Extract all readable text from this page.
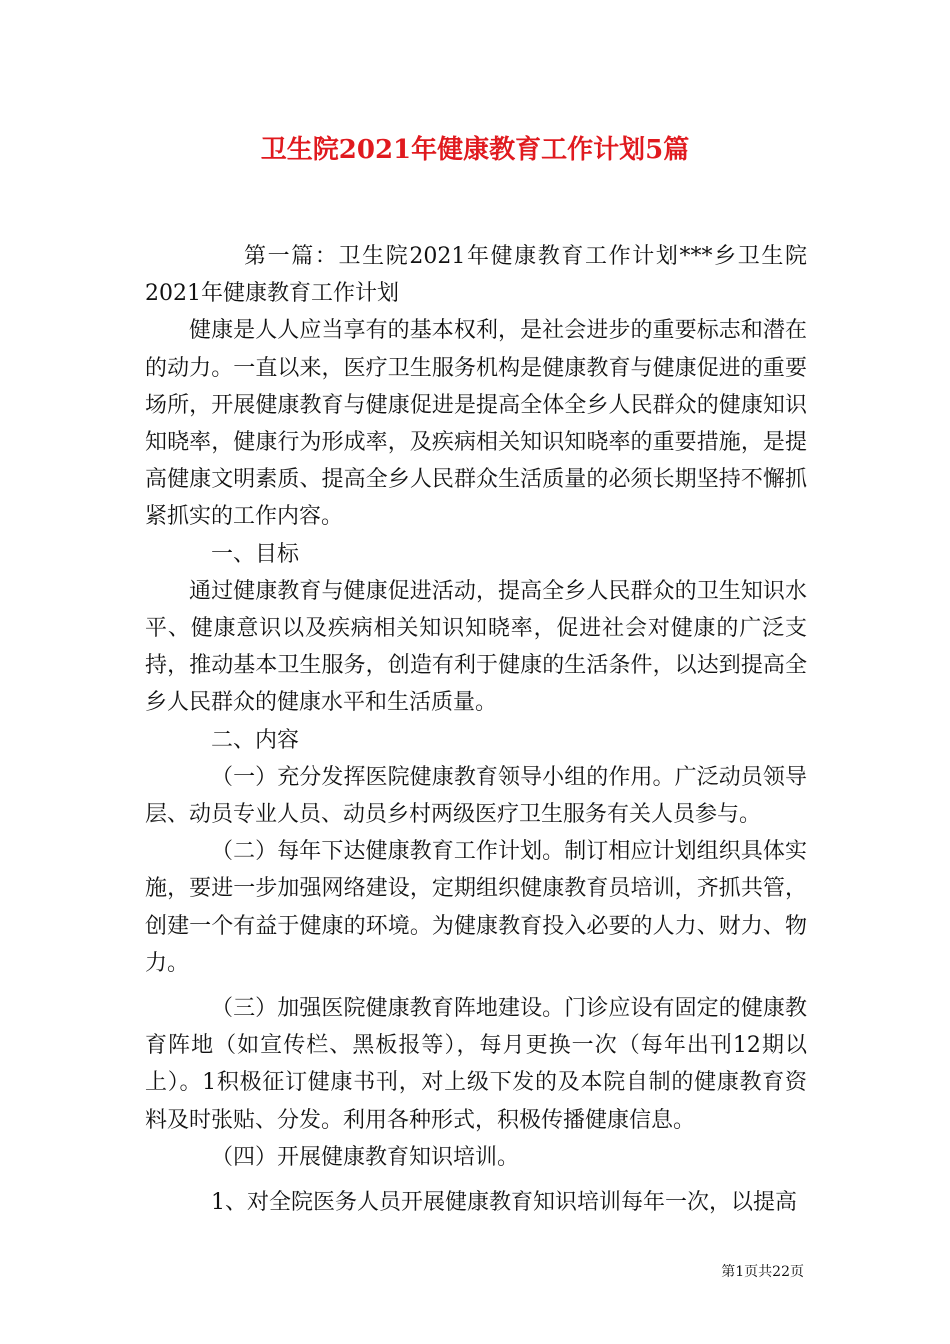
卫生院2021年健康教育工作计划5篇

第一篇：卫生院2021年健康教育工作计划***乡卫生院2021年健康教育工作计划

健康是人人应当享有的基本权利，是社会进步的重要标志和潜在的动力。一直以来，医疗卫生服务机构是健康教育与健康促进的重要场所，开展健康教育与健康促进是提高全体全乡人民群众的健康知识知晓率，健康行为形成率，及疾病相关知识知晓率的重要措施，是提高健康文明素质、提高全乡人民群众生活质量的必须长期坚持不懈抓紧抓实的工作内容。

一、目标

通过健康教育与健康促进活动，提高全乡人民群众的卫生知识水平、健康意识以及疾病相关知识知晓率，促进社会对健康的广泛支持，推动基本卫生服务，创造有利于健康的生活条件，以达到提高全乡人民群众的健康水平和生活质量。

二、内容

（一）充分发挥医院健康教育领导小组的作用。广泛动员领导层、动员专业人员、动员乡村两级医疗卫生服务有关人员参与。

（二）每年下达健康教育工作计划。制订相应计划组织具体实施，要进一步加强网络建设，定期组织健康教育员培训，齐抓共管，创建一个有益于健康的环境。为健康教育投入必要的人力、财力、物力。

（三）加强医院健康教育阵地建设。门诊应设有固定的健康教育阵地（如宣传栏、黑板报等），每月更换一次（每年出刊12期以上）。1积极征订健康书刊，对上级下发的及本院自制的健康教育资料及时张贴、分发。利用各种形式，积极传播健康信息。

（四）开展健康教育知识培训。

1、对全院医务人员开展健康教育知识培训每年一次，以提高

第1页共22页
